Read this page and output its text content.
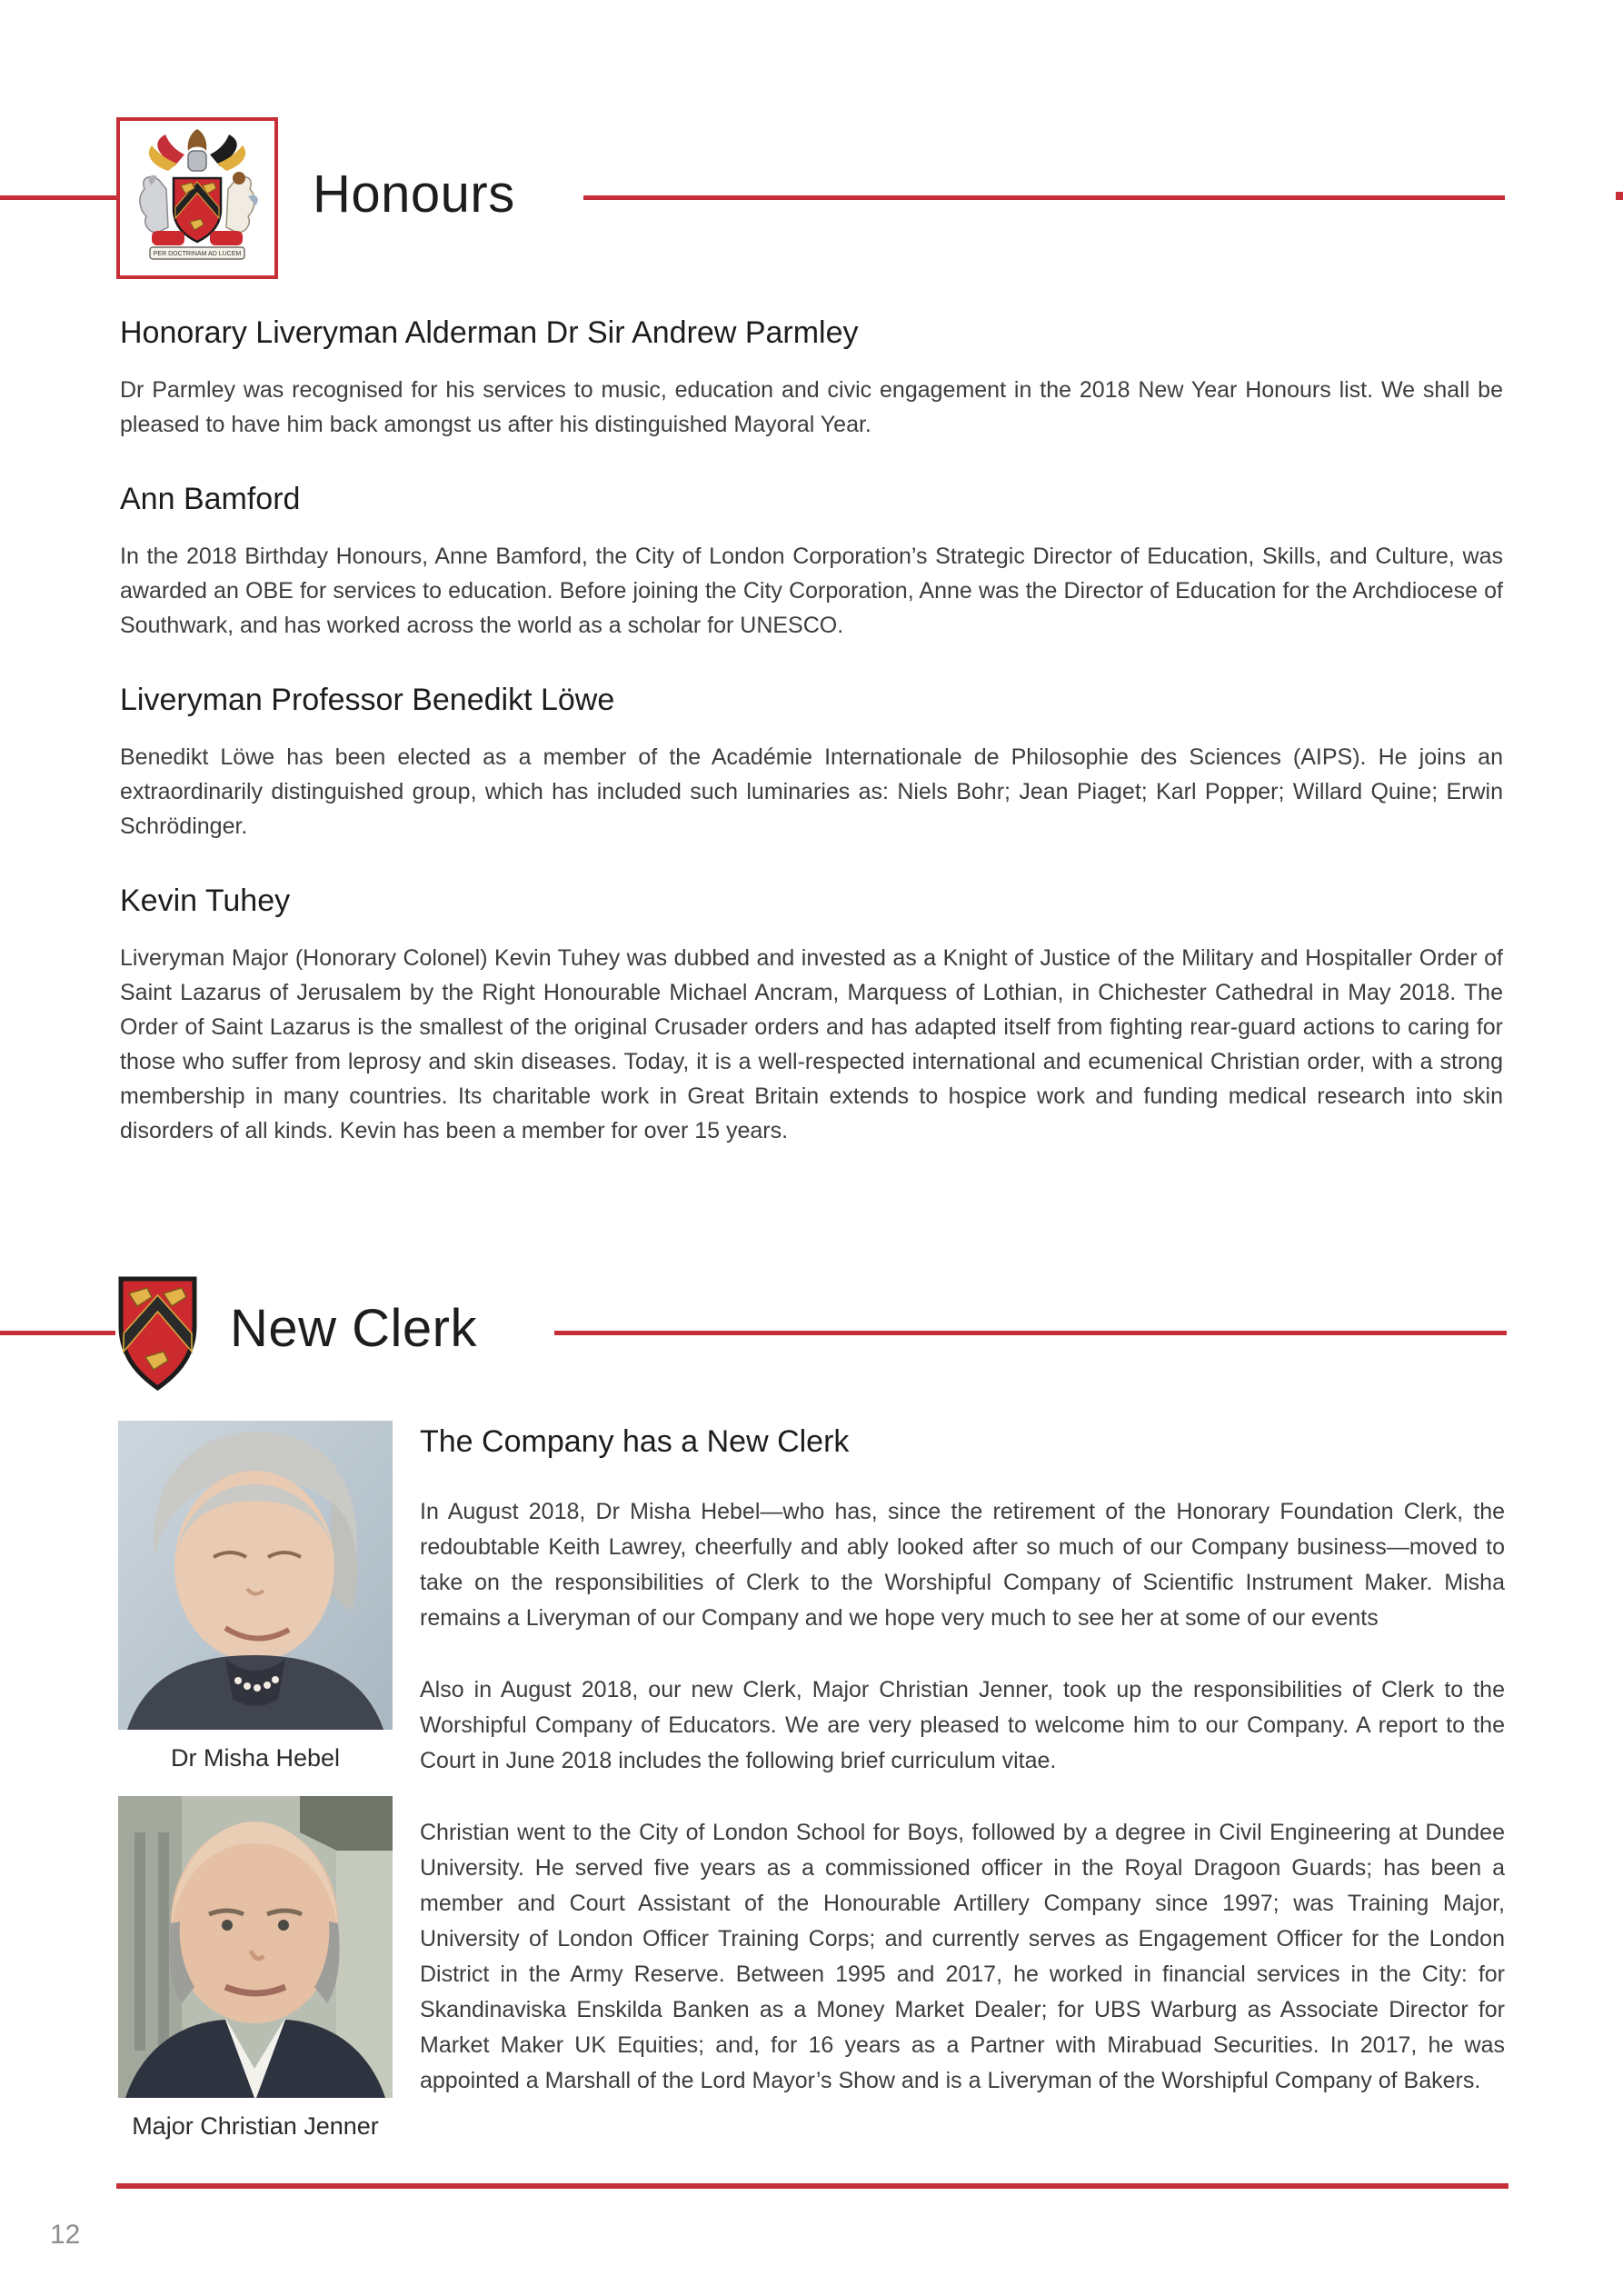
PER DOCTRINAM AD LUCEM
Honours
Honorary Liveryman Alderman Dr Sir Andrew Parmley

Dr Parmley was recognised for his services to music, education and civic engagement in the 2018 New Year Honours list. We shall be pleased to have him back amongst us after his distinguished Mayoral Year.

Ann Bamford

In the 2018 Birthday Honours, Anne Bamford, the City of London Corporation’s Strategic Director of Education, Skills, and Culture, was awarded an OBE for services to education. Before joining the City Corporation, Anne was the Director of Education for the Archdiocese of Southwark, and has worked across the world as a scholar for UNESCO.

Liveryman Professor Benedikt Löwe

Benedikt Löwe has been elected as a member of the Académie Internationale de Philosophie des Sciences (AIPS). He joins an extraordinarily distinguished group, which has included such luminaries as: Niels Bohr; Jean Piaget; Karl Popper; Willard Quine; Erwin Schrödinger.

Kevin Tuhey

Liveryman Major (Honorary Colonel) Kevin Tuhey was dubbed and invested as a Knight of Justice of the Military and Hospitaller Order of Saint Lazarus of Jerusalem by the Right Honourable Michael Ancram, Marquess of Lothian, in Chichester Cathedral in May 2018. The Order of Saint Lazarus is the smallest of the original Crusader orders and has adapted itself from fighting rear-guard actions to caring for those who suffer from leprosy and skin diseases. Today, it is a well-respected international and ecumenical Christian order, with a strong membership in many countries. Its charitable work in Great Britain extends to hospice work and funding medical research into skin disorders of all kinds. Kevin has been a member for over 15 years.

New Clerk
Dr Misha Hebel
Major Christian Jenner
The Company has a New Clerk

In August 2018, Dr Misha Hebel—who has, since the retirement of the Honorary Foundation Clerk, the redoubtable Keith Lawrey, cheerfully and ably looked after so much of our Company business—moved to take on the responsibilities of Clerk to the Worshipful Company of Scientific Instrument Maker. Misha remains a Liveryman of our Company and we hope very much to see her at some of our events

Also in August 2018, our new Clerk, Major Christian Jenner, took up the responsibilities of Clerk to the Worshipful Company of Educators. We are very pleased to welcome him to our Company. A report to the Court in June 2018 includes the following brief curriculum vitae.

Christian went to the City of London School for Boys, followed by a degree in Civil Engineering at Dundee University. He served five years as a commissioned officer in the Royal Dragoon Guards; has been a member and Court Assistant of the Honourable Artillery Company since 1997; was Training Major, University of London Officer Training Corps; and currently serves as Engagement Officer for the London District in the Army Reserve. Between 1995 and 2017, he worked in financial services in the City: for Skandinaviska Enskilda Banken as a Money Market Dealer; for UBS Warburg as Associate Director for Market Maker UK Equities; and, for 16 years as a Partner with Mirabuad Securities. In 2017, he was appointed a Marshall of the Lord Mayor’s Show and is a Liveryman of the Worshipful Company of Bakers.

12
